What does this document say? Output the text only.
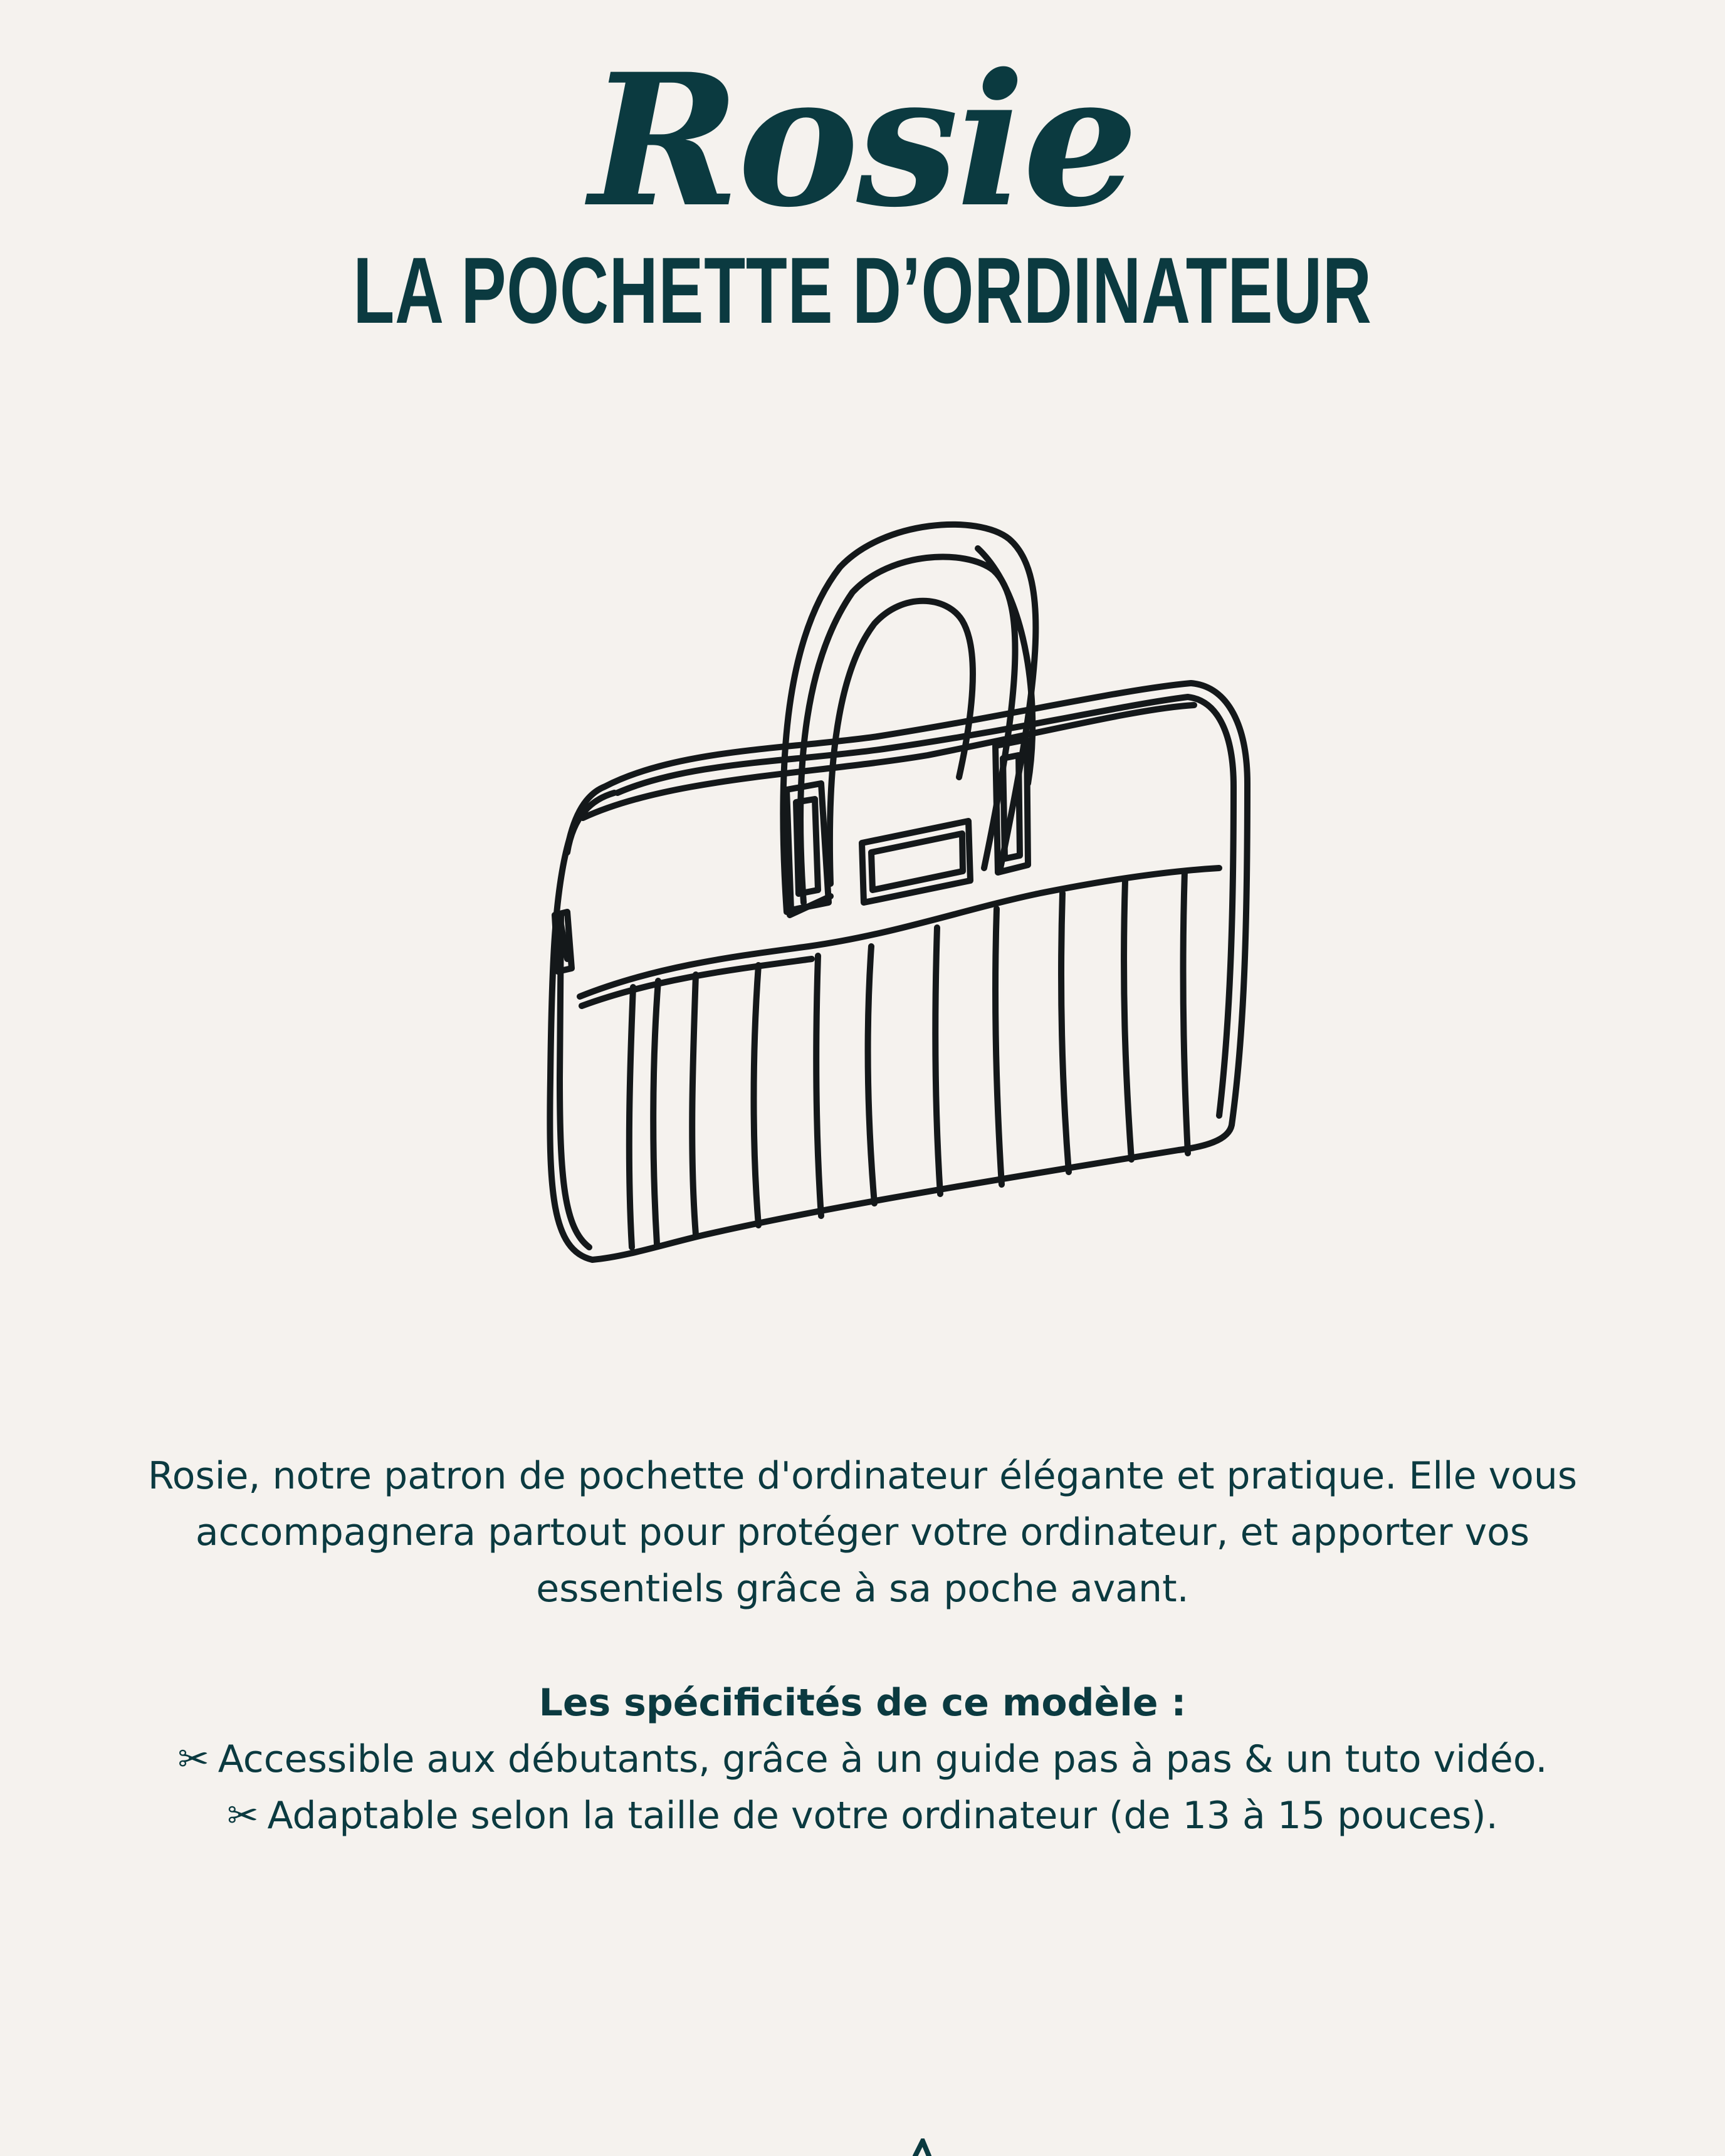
Rosie
LA POCHETTE D’ORDINATEUR
Rosie, notre patron de pochette d'ordinateur élégante et pratique. Elle vous accompagnera partout pour protéger votre ordinateur, et apporter vos essentiels grâce à sa poche avant.
Les spécificités de ce modèle :
✂ Accessible aux débutants, grâce à un guide pas à pas & un tuto vidéo.
✂ Adaptable selon la taille de votre ordinateur (de 13 à 15 pouces).
